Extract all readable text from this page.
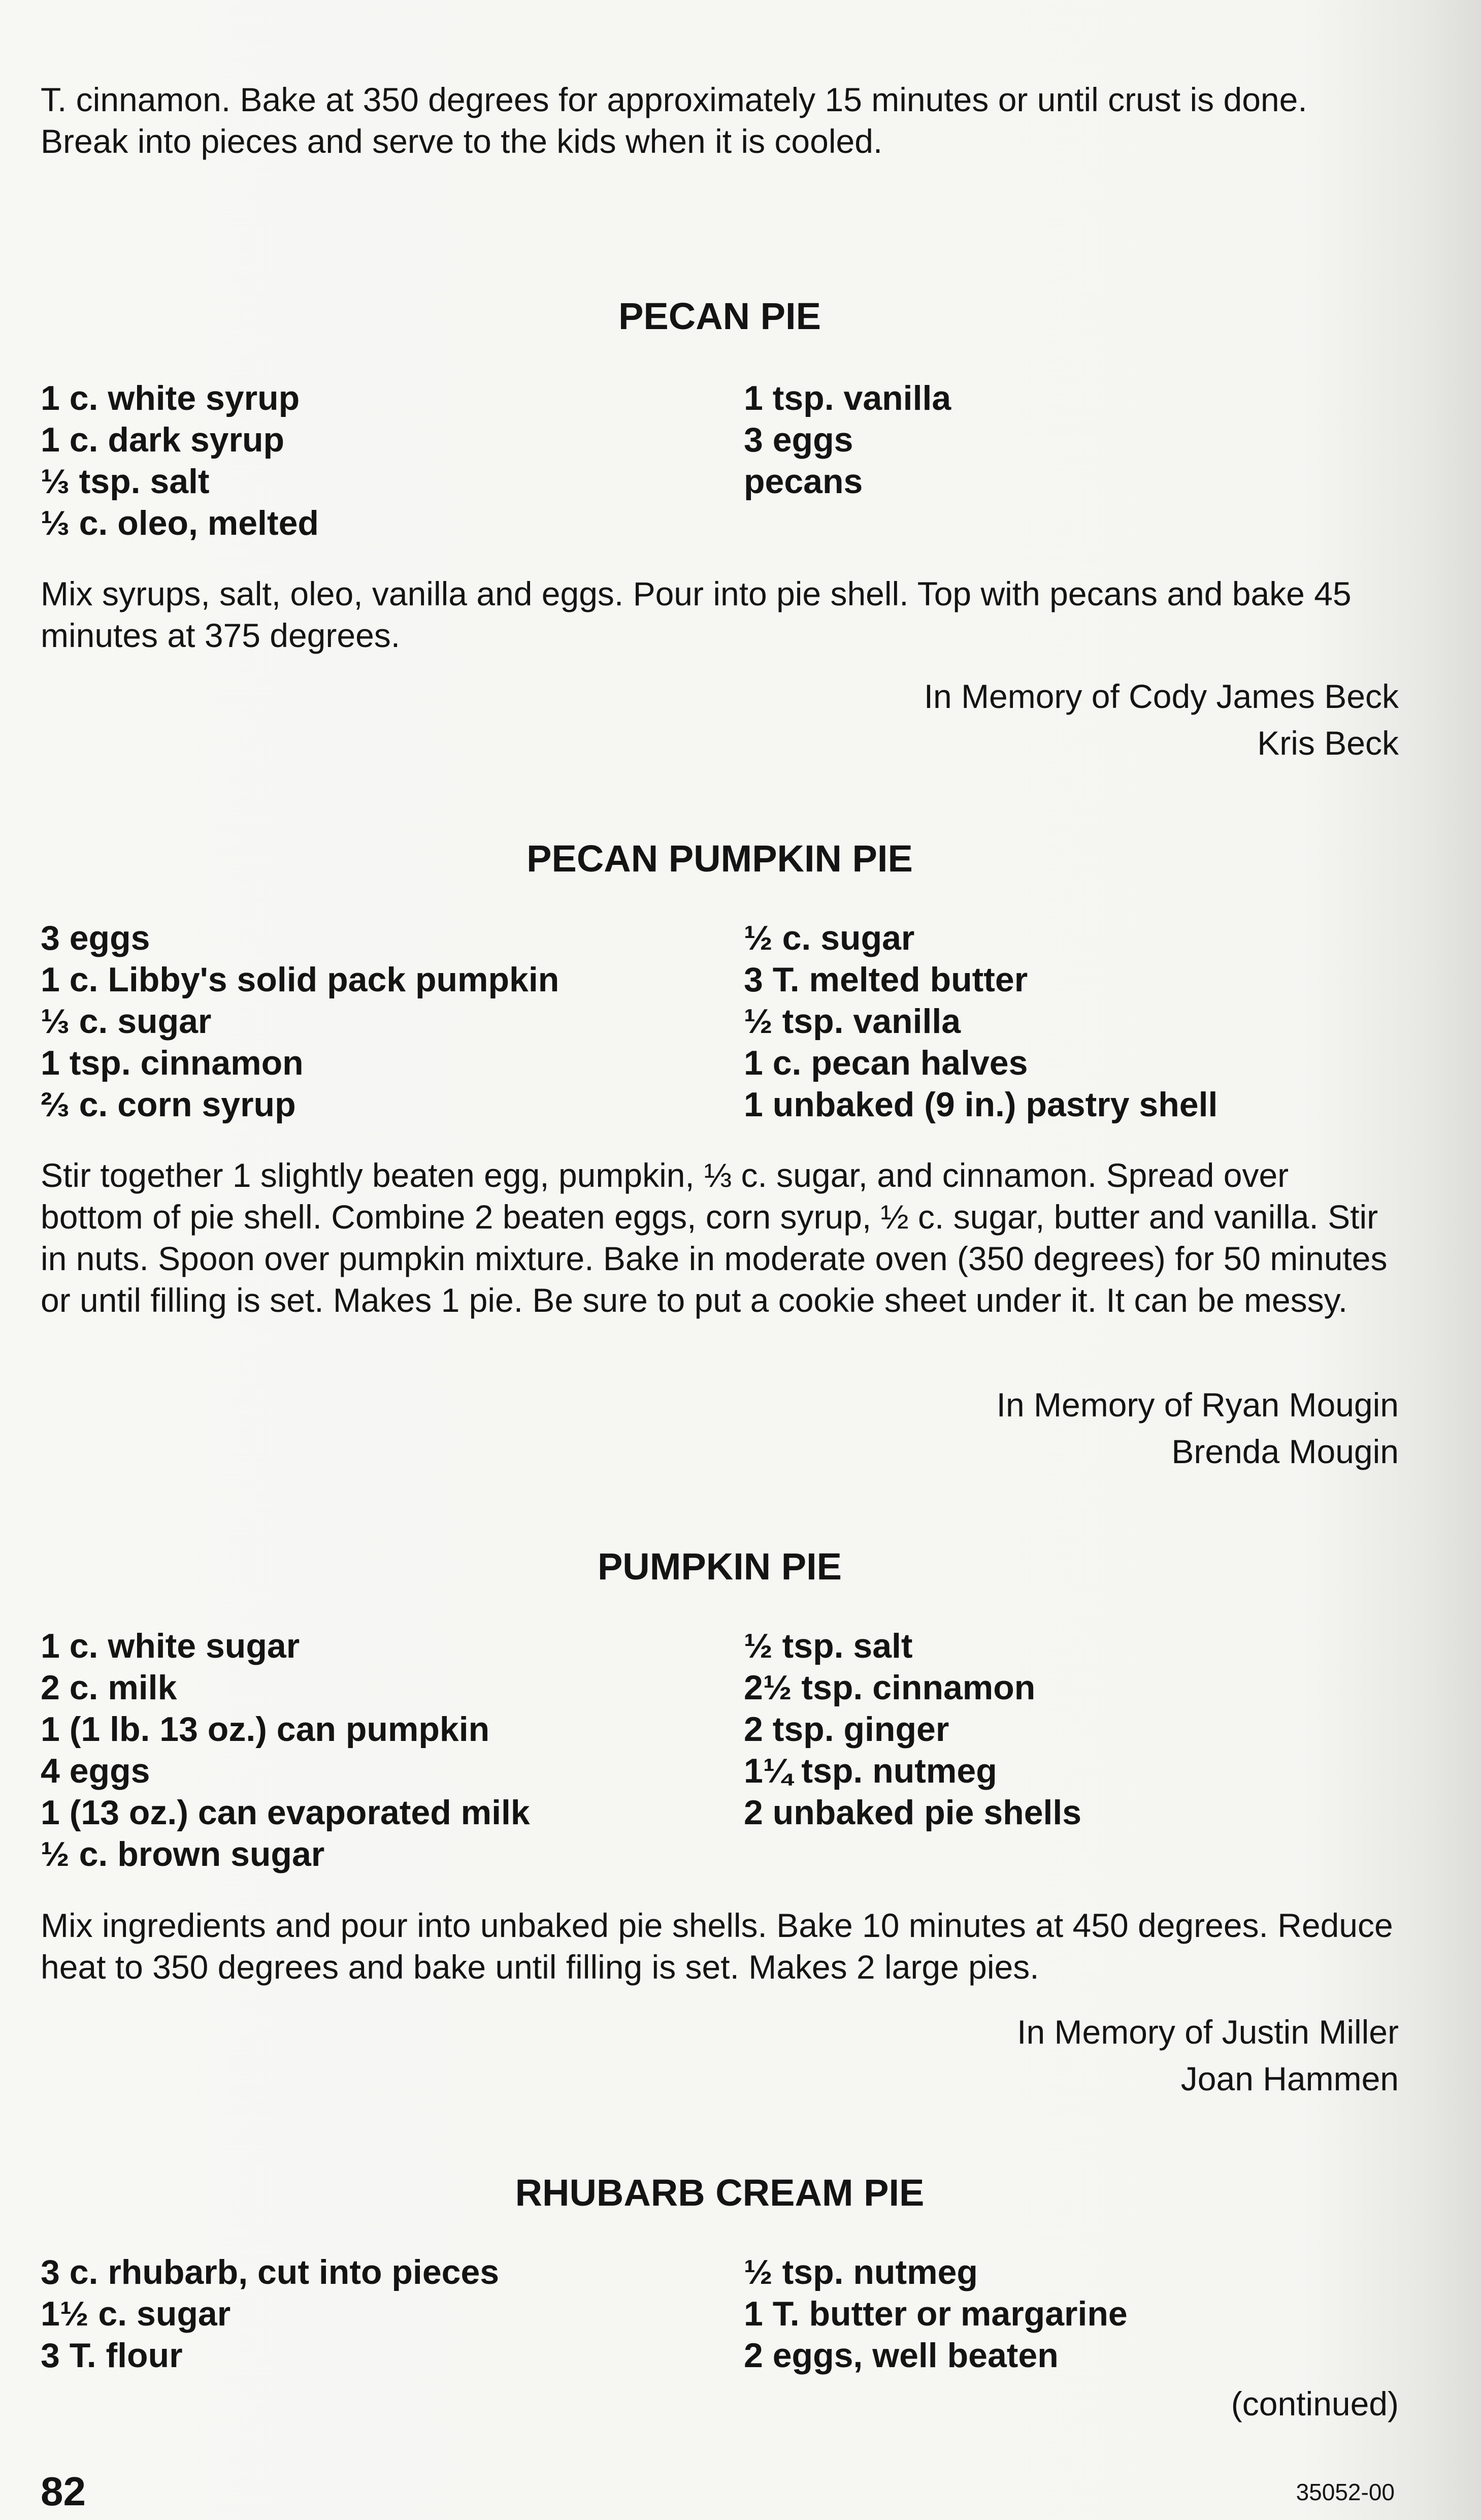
T. cinnamon. Bake at 350 degrees for approximately 15 minutes or until crust is done. Break into pieces and serve to the kids when it is cooled.

PECAN PIE
1 c. white syrup
1 c. dark syrup
⅓ tsp. salt
⅓ c. oleo, melted
1 tsp. vanilla
3 eggs
pecans

Mix syrups, salt, oleo, vanilla and eggs. Pour into pie shell. Top with pecans and bake 45 minutes at 375 degrees.

In Memory of Cody James Beck
Kris Beck
PECAN PUMPKIN PIE
3 eggs
1 c. Libby's solid pack pumpkin
⅓ c. sugar
1 tsp. cinnamon
⅔ c. corn syrup
½ c. sugar
3 T. melted butter
½ tsp. vanilla
1 c. pecan halves
1 unbaked (9 in.) pastry shell

Stir together 1 slightly beaten egg, pumpkin, ⅓ c. sugar, and cinnamon. Spread over bottom of pie shell. Combine 2 beaten eggs, corn syrup, ½ c. sugar, butter and vanilla. Stir in nuts. Spoon over pumpkin mixture. Bake in moderate oven (350 degrees) for 50 minutes or until filling is set. Makes 1 pie. Be sure to put a cookie sheet under it. It can be messy.

In Memory of Ryan Mougin
Brenda Mougin
PUMPKIN PIE
1 c. white sugar
2 c. milk
1 (1 lb. 13 oz.) can pumpkin
4 eggs
1 (13 oz.) can evaporated milk
½ c. brown sugar
½ tsp. salt
2½ tsp. cinnamon
2 tsp. ginger
1¼ tsp. nutmeg
2 unbaked pie shells

Mix ingredients and pour into unbaked pie shells. Bake 10 minutes at 450 degrees. Reduce heat to 350 degrees and bake until filling is set. Makes 2 large pies.

In Memory of Justin Miller
Joan Hammen
RHUBARB CREAM PIE
3 c. rhubarb, cut into pieces
1½ c. sugar
3 T. flour
½ tsp. nutmeg
1 T. butter or margarine
2 eggs, well beaten
(continued)
82	35052-00
